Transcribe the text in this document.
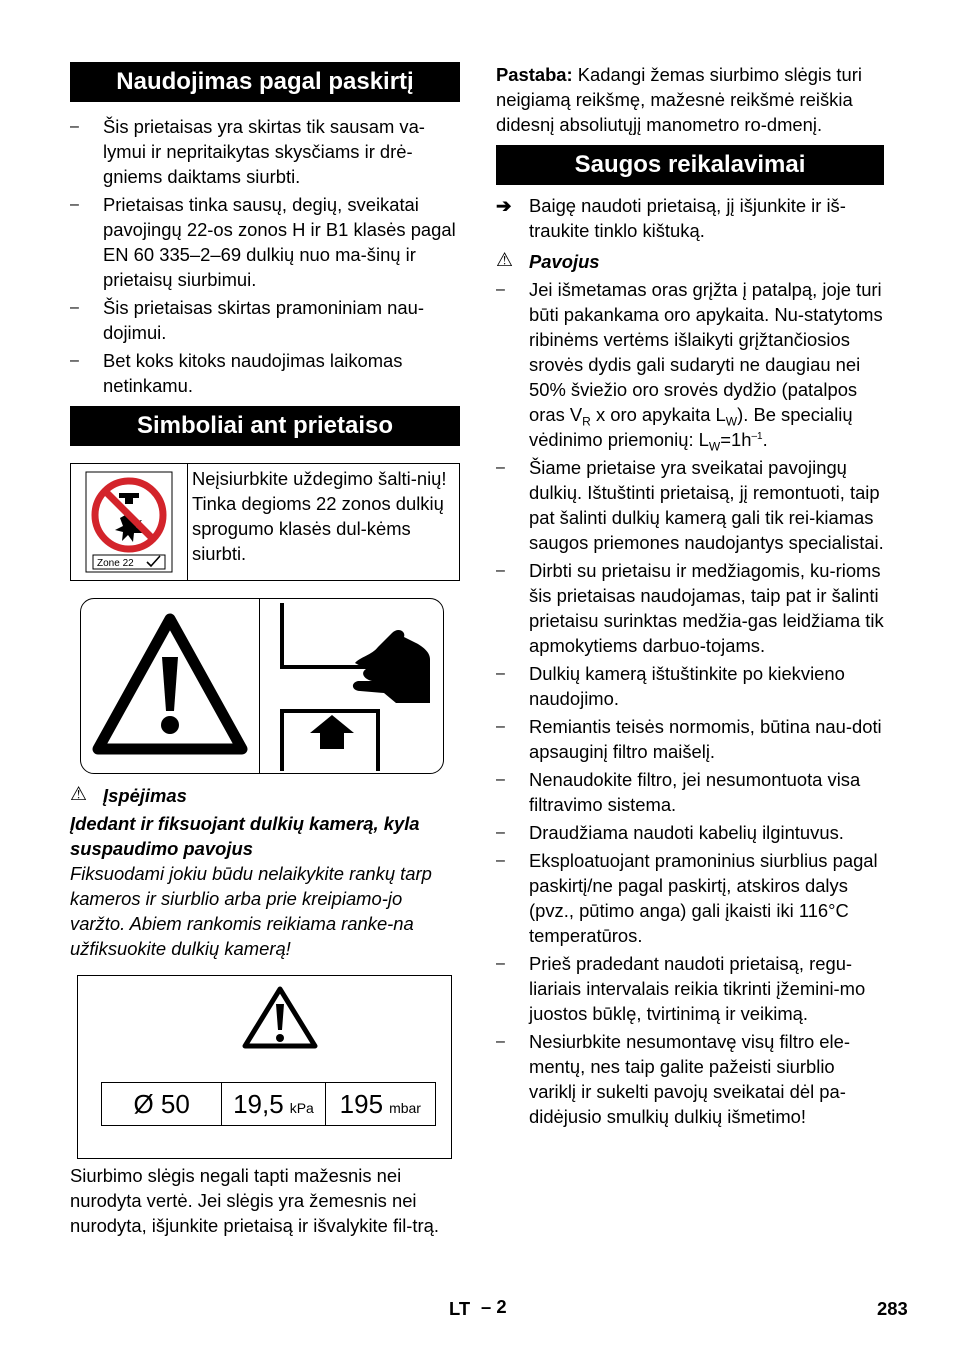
Naudojimas pagal paskirtį
– Šis prietaisas yra skirtas tik sausam va-lymui ir nepritaikytas skysčiams ir drė-gniems daiktams siurbti.
– Prietaisas tinka sausų, degių, sveikatai pavojingų 22-os zonos H ir B1 klasės pagal EN 60 335–2–69 dulkių nuo ma-šinų ir prietaisų siurbimui.
– Šis prietaisas skirtas pramoniniam nau-dojimui.
– Bet koks kitoks naudojimas laikomas netinkamu.
Simboliai ant prietaiso
Zone 22
Neįsiurbkite uždegimo šalti-nių! Tinka degioms 22 zonos dulkių sprogumo klasės dul-kėms siurbti.
⚠ Įspėjimas
Įdedant ir fiksuojant dulkių kamerą, kyla suspaudimo pavojus
Fiksuodami jokiu būdu nelaikykite rankų tarp kameros ir siurblio arba prie kreipiamo-jo varžto. Abiem rankomis reikiama ranke-na užfiksuokite dulkių kamerą!
Ø 50	19,5 kPa 195 mbar
Siurbimo slėgis negali tapti mažesnis nei nurodyta vertė. Jei slėgis yra žemesnis nei nurodyta, išjunkite prietaisą ir išvalykite fil-trą.
Pastaba: Kadangi žemas siurbimo slėgis turi neigiamą reikšmę, mažesnė reikšmė reiškia didesnį absoliutųjį manometro ro-dmenį.
Saugos reikalavimai
➔ Baigę naudoti prietaisą, jį išjunkite ir iš-traukite tinklo kištuką.
⚠ Pavojus
– Jei išmetamas oras grįžta į patalpą, joje turi būti pakankama oro apykaita. Nu-statytoms ribinėms vertėms išlaikyti grįžtančiosios srovės dydis gali sudaryti ne daugiau nei 50% šviežio oro srovės dydžio (patalpos oras $V_R$ x oro apykaita $L_W$). Be specialių vėdinimo priemonių: $L_W=1h^{-1}$.
– Šiame prietaise yra sveikatai pavojingų dulkių. Ištuštinti prietaisą, jį remontuoti, taip pat šalinti dulkių kamerą gali tik rei-kiamas saugos priemones naudojantys specialistai.
– Dirbti su prietaisu ir medžiagomis, ku-rioms šis prietaisas naudojamas, taip pat ir šalinti prietaisu surinktas medžia-gas leidžiama tik apmokytiems darbuo-tojams.
– Dulkių kamerą ištuštinkite po kiekvieno naudojimo.
– Remiantis teisės normomis, būtina nau-doti apsauginį filtro maišelį.
– Nenaudokite filtro, jei nesumontuota visa filtravimo sistema.
– Draudžiama naudoti kabelių ilgintuvus.
– Eksploatuojant pramoninius siurblius pagal paskirtį/ne pagal paskirtį, atskiros dalys (pvz., pūtimo anga) gali įkaisti iki 116°C temperatūros.
– Prieš pradedant naudoti prietaisą, regu-liariais intervalais reikia tikrinti įžemini-mo juostos būklę, tvirtinimą ir veikimą.
– Nesiurbkite nesumontavę visų filtro ele-mentų, nes taip galite pažeisti siurblio variklį ir sukelti pavojų sveikatai dėl pa-didėjusio smulkių dulkių išmetimo!
LT – 2	283
